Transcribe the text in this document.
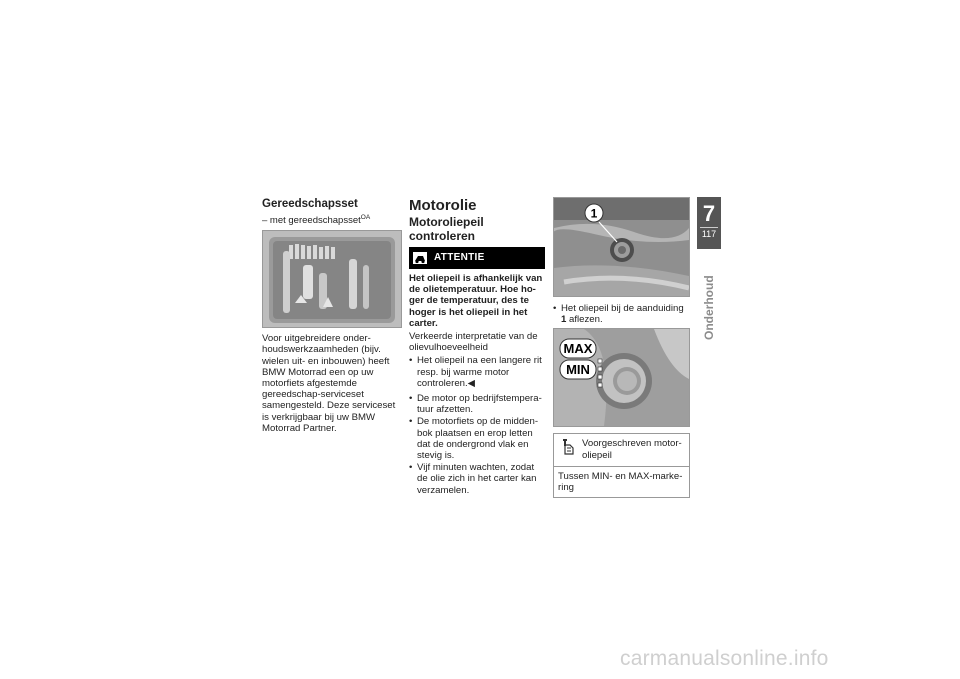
Gereedschapsset
– met gereedschapsset$^{OA}$

Voor uitgebreidere onder-houdswerkzaamheden (bijv. wielen uit- en inbouwen) heeft BMW Motorrad een op uw motorfiets afgestemde gereedschap-serviceset samengesteld. Deze serviceset is verkrijgbaar bij uw BMW Motorrad Partner.

Motorolie
Motoroliepeil controleren
ATTENTIE

Het oliepeil is afhankelijk van de olietemperatuur. Hoe ho-ger de temperatuur, des te hoger is het oliepeil in het carter.

Verkeerde interpretatie van de olievulhoeveelheid

• Het oliepeil na een langere rit resp. bij warme motor controleren.◀
• De motor op bedrijfstempera-tuur afzetten.
• De motorfiets op de midden-bok plaatsen en erop letten dat de ondergrond vlak en stevig is.
• Vijf minuten wachten, zodat de olie zich in het carter kan verzamelen.
1
• Het oliepeil bij de aanduiding 1 aflezen.
MAX
MIN
Voorgeschreven motor-oliepeil
Tussen MIN- en MAX-marke-ring
7
117
Onderhoud
carmanualsonline.info
